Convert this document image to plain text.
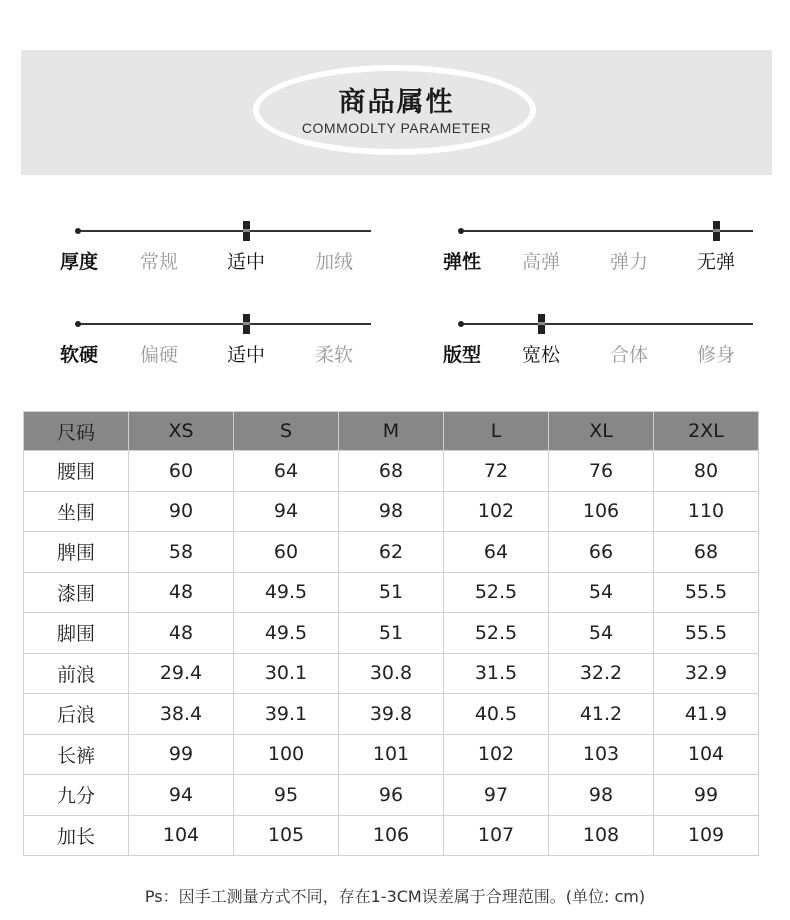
商品属性
COMMODLTY PARAMETER
厚度	常规	适中	加绒	弹性	高弹	弹力	无弹
软硬	偏硬	适中	柔软	版型	宽松	合体	修身
尺码	XS	S	M	L	XL	2XL
腰围	60	64	68	72	76	80
坐围	90	94	98	102	106	110
脾围	58	60	62	64	66	68
漆围	48	49.5	51	52.5	54	55.5
脚围	48	49.5	51	52.5	54	55.5
前浪	29.4	30.1	30.8	31.5	32.2	32.9
后浪	38.4	39.1	39.8	40.5	41.2	41.9
长裤	99	100	101	102	103	104
九分	94	95	96	97	98	99
加长	104	105	106	107	108	109
Ps：因手工测量方式不同，存在1-3CM误差属于合理范围。(单位: cm)
